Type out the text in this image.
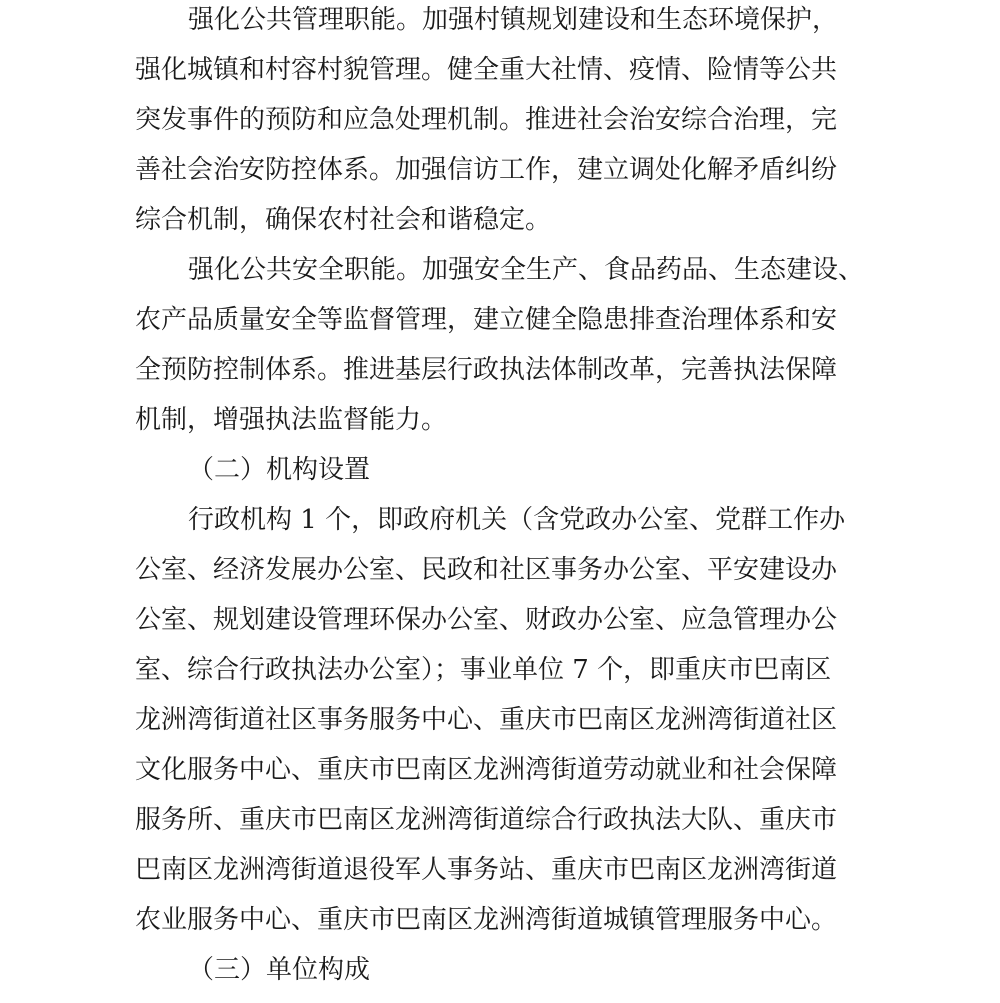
强化公共管理职能。加强村镇规划建设和生态环境保护，
强化城镇和村容村貌管理。健全重大社情、疫情、险情等公共
突发事件的预防和应急处理机制。推进社会治安综合治理，完
善社会治安防控体系。加强信访工作，建立调处化解矛盾纠纷
综合机制，确保农村社会和谐稳定。
强化公共安全职能。加强安全生产、食品药品、生态建设、
农产品质量安全等监督管理，建立健全隐患排查治理体系和安
全预防控制体系。推进基层行政执法体制改革，完善执法保障
机制，增强执法监督能力。
（二）机构设置
行政机构 1 个，即政府机关（含党政办公室、党群工作办
公室、经济发展办公室、民政和社区事务办公室、平安建设办
公室、规划建设管理环保办公室、财政办公室、应急管理办公
室、综合行政执法办公室）；事业单位 7 个，即重庆市巴南区
龙洲湾街道社区事务服务中心、重庆市巴南区龙洲湾街道社区
文化服务中心、重庆市巴南区龙洲湾街道劳动就业和社会保障
服务所、重庆市巴南区龙洲湾街道综合行政执法大队、重庆市
巴南区龙洲湾街道退役军人事务站、重庆市巴南区龙洲湾街道
农业服务中心、重庆市巴南区龙洲湾街道城镇管理服务中心。
（三）单位构成
